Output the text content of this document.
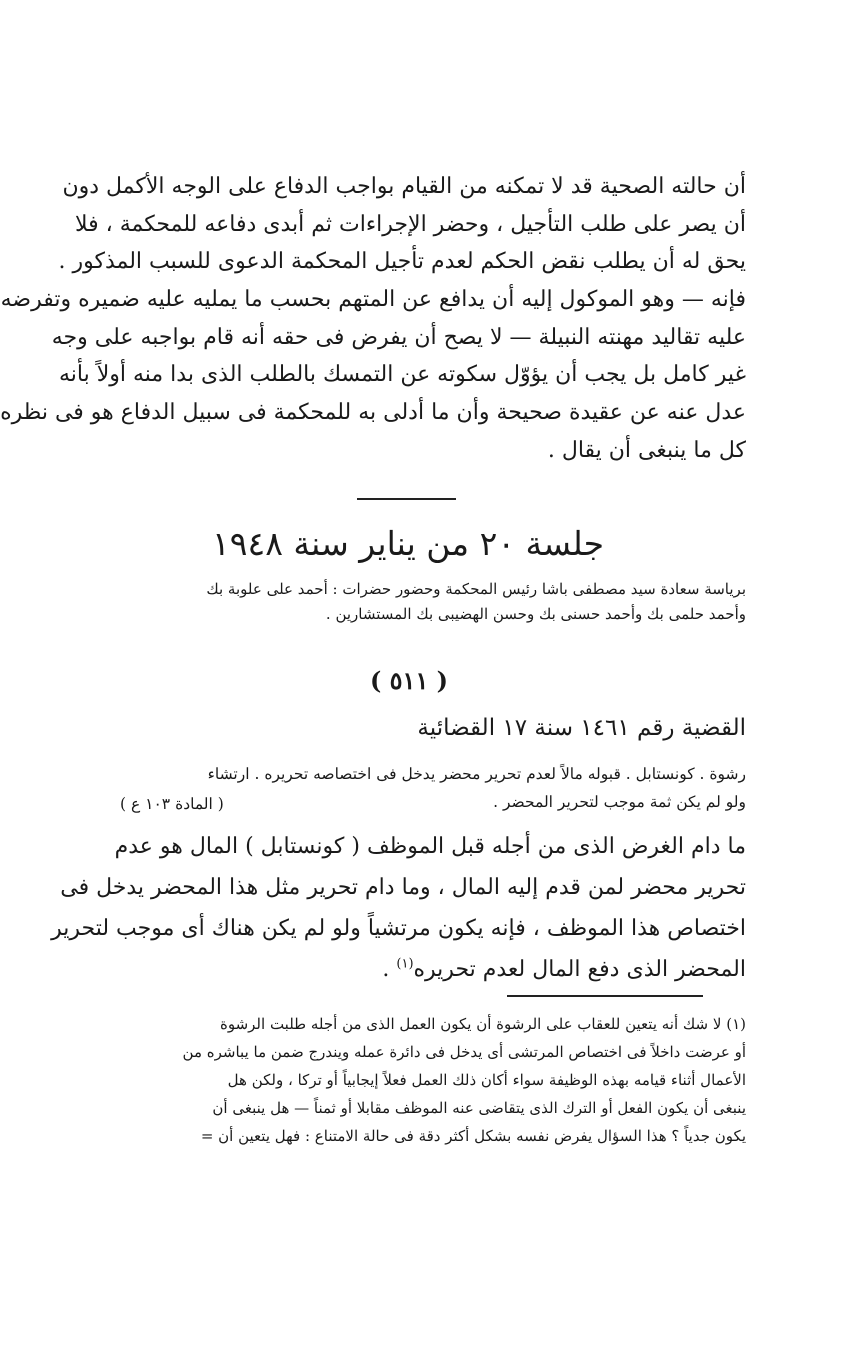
أن حالته الصحية قد لا تمكنه من القيام بواجب الدفاع على الوجه الأكمل دون
أن يصر على طلب التأجيل ، وحضر الإجراءات ثم أبدى دفاعه للمحكمة ، فلا
يحق له أن يطلب نقض الحكم لعدم تأجيل المحكمة الدعوى للسبب المذكور .
فإنه — وهو الموكول إليه أن يدافع عن المتهم بحسب ما يمليه عليه ضميره وتفرضه
عليه تقاليد مهنته النبيلة — لا يصح أن يفرض فى حقه أنه قام بواجبه على وجه
غير كامل بل يجب أن يؤوّل سكوته عن التمسك بالطلب الذى بدا منه أولاً بأنه
عدل عنه عن عقيدة صحيحة وأن ما أدلى به للمحكمة فى سبيل الدفاع هو فى نظره
كل ما ينبغى أن يقال .
جلسة ٢٠ من يناير سنة ١٩٤٨
برياسة سعادة سيد مصطفى باشا رئيس المحكمة وحضور حضرات : أحمد على علوبة بك
وأحمد حلمى بك وأحمد حسنى بك وحسن الهضيبى بك المستشارين .
( ٥١١ )
القضية رقم ١٤٦١ سنة ١٧ القضائية
رشوة . كونستابل . قبوله مالاً لعدم تحرير محضر يدخل فى اختصاصه تحريره . ارتشاء
ولو لم يكن ثمة موجب لتحرير المحضر .
( المادة ١٠٣ ع )
ما دام الغرض الذى من أجله قبل الموظف ( كونستابل ) المال هو عدم
تحرير محضر لمن قدم إليه المال ، وما دام تحرير مثل هذا المحضر يدخل فى
اختصاص هذا الموظف ، فإنه يكون مرتشياً ولو لم يكن هناك أى موجب لتحرير
المحضر الذى دفع المال لعدم تحريره$^{(١)}$ .
(١) لا شك أنه يتعين للعقاب على الرشوة أن يكون العمل الذى من أجله طلبت الرشوة
أو عرضت داخلاً فى اختصاص المرتشى أى يدخل فى دائرة عمله ويندرج ضمن ما يباشره من
الأعمال أثناء قيامه بهذه الوظيفة سواء أكان ذلك العمل فعلاً إيجابياً أو تركا ، ولكن هل
ينبغى أن يكون الفعل أو الترك الذى يتقاضى عنه الموظف مقابلا أو ثمناً — هل ينبغى أن
يكون جدياً ؟ هذا السؤال يفرض نفسه بشكل أكثر دقة فى حالة الامتناع : فهل يتعين أن =
